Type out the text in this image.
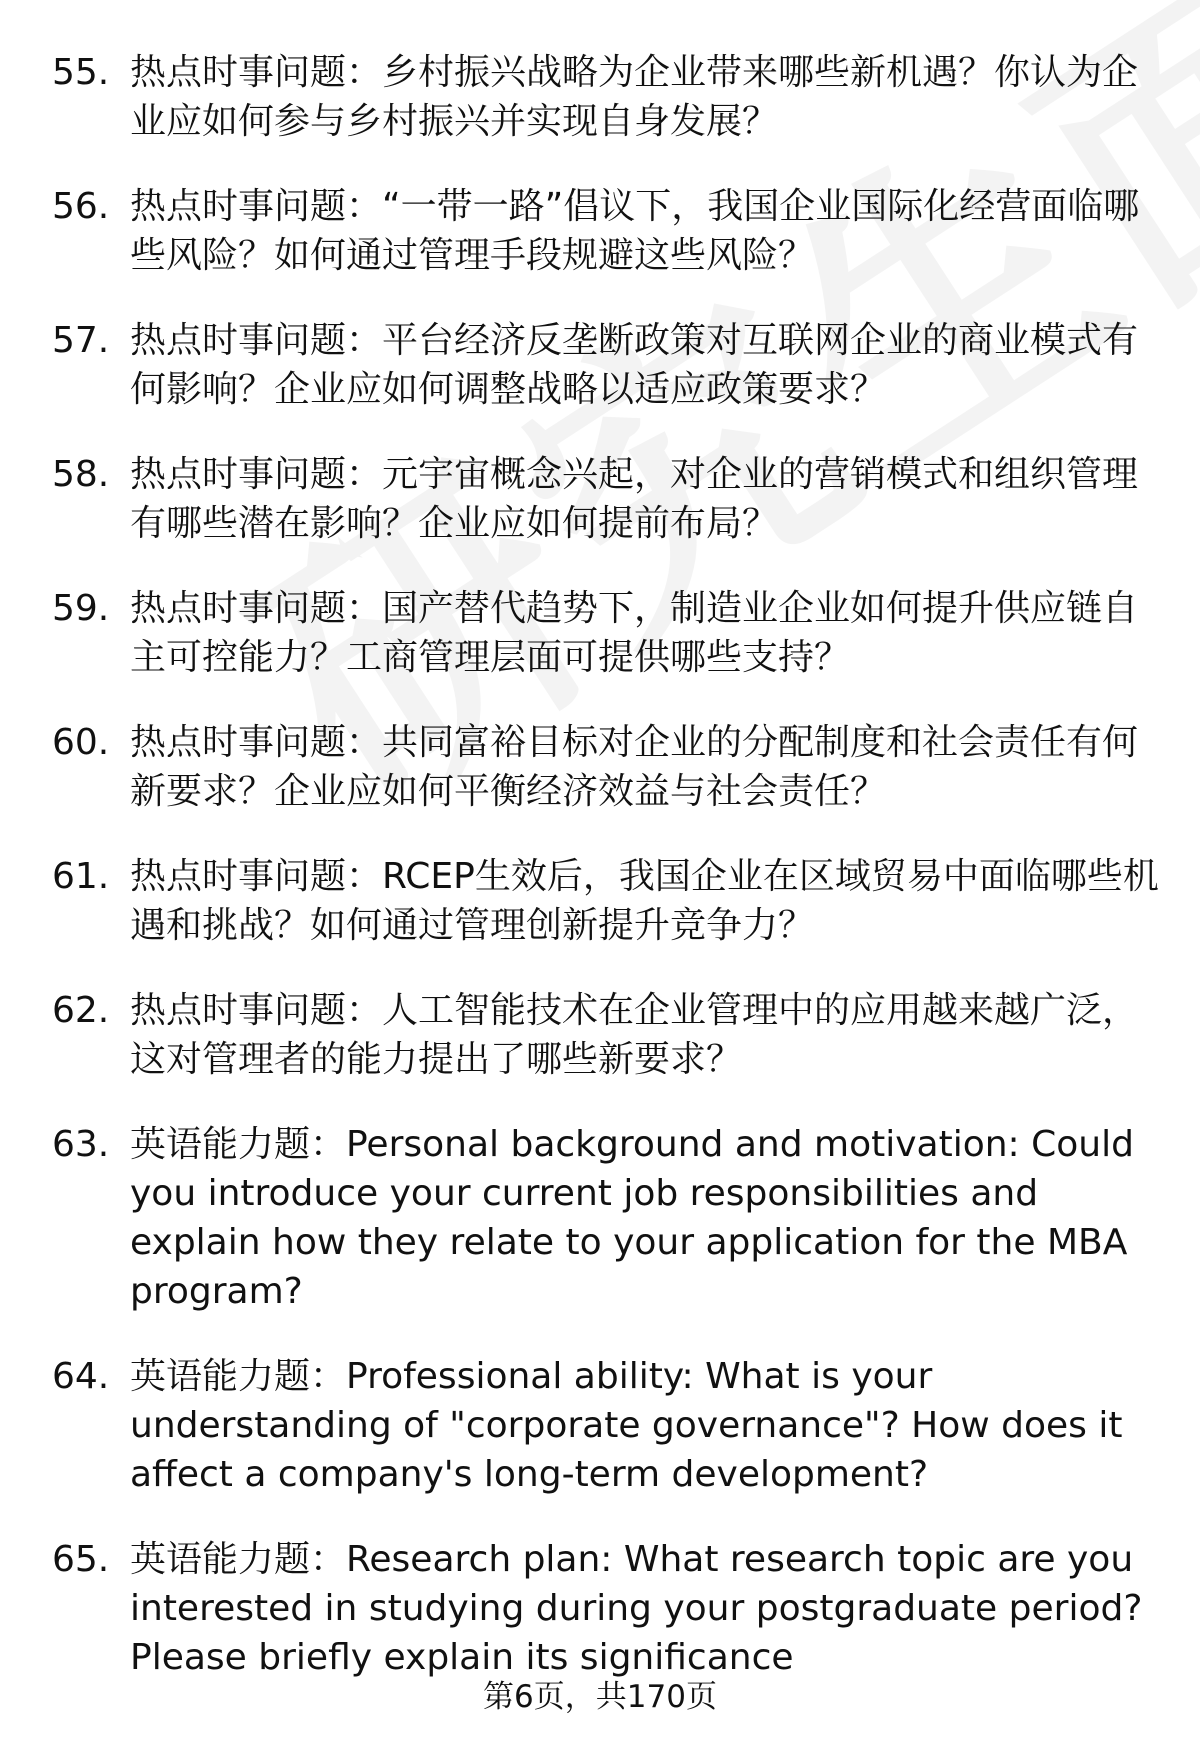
55. 热点时事问题：乡村振兴战略为企业带来哪些新机遇？你认为企业应如何参与乡村振兴并实现自身发展？
56. 热点时事问题：“一带一路”倡议下，我国企业国际化经营面临哪些风险？如何通过管理手段规避这些风险？
57. 热点时事问题：平台经济反垄断政策对互联网企业的商业模式有何影响？企业应如何调整战略以适应政策要求？
58. 热点时事问题：元宇宙概念兴起，对企业的营销模式和组织管理有哪些潜在影响？企业应如何提前布局？
59. 热点时事问题：国产替代趋势下，制造业企业如何提升供应链自主可控能力？工商管理层面可提供哪些支持？
60. 热点时事问题：共同富裕目标对企业的分配制度和社会责任有何新要求？企业应如何平衡经济效益与社会责任？
61. 热点时事问题：RCEP生效后，我国企业在区域贸易中面临哪些机遇和挑战？如何通过管理创新提升竞争力？
62. 热点时事问题：人工智能技术在企业管理中的应用越来越广泛，这对管理者的能力提出了哪些新要求？
63. 英语能力题：Personal background and motivation: Could you introduce your current job responsibilities and explain how they relate to your application for the MBA program?
64. 英语能力题：Professional ability: What is your understanding of "corporate governance"? How does it affect a company's long-term development?
65. 英语能力题：Research plan: What research topic are you interested in studying during your postgraduate period? Please briefly explain its significance
第6页，共170页
